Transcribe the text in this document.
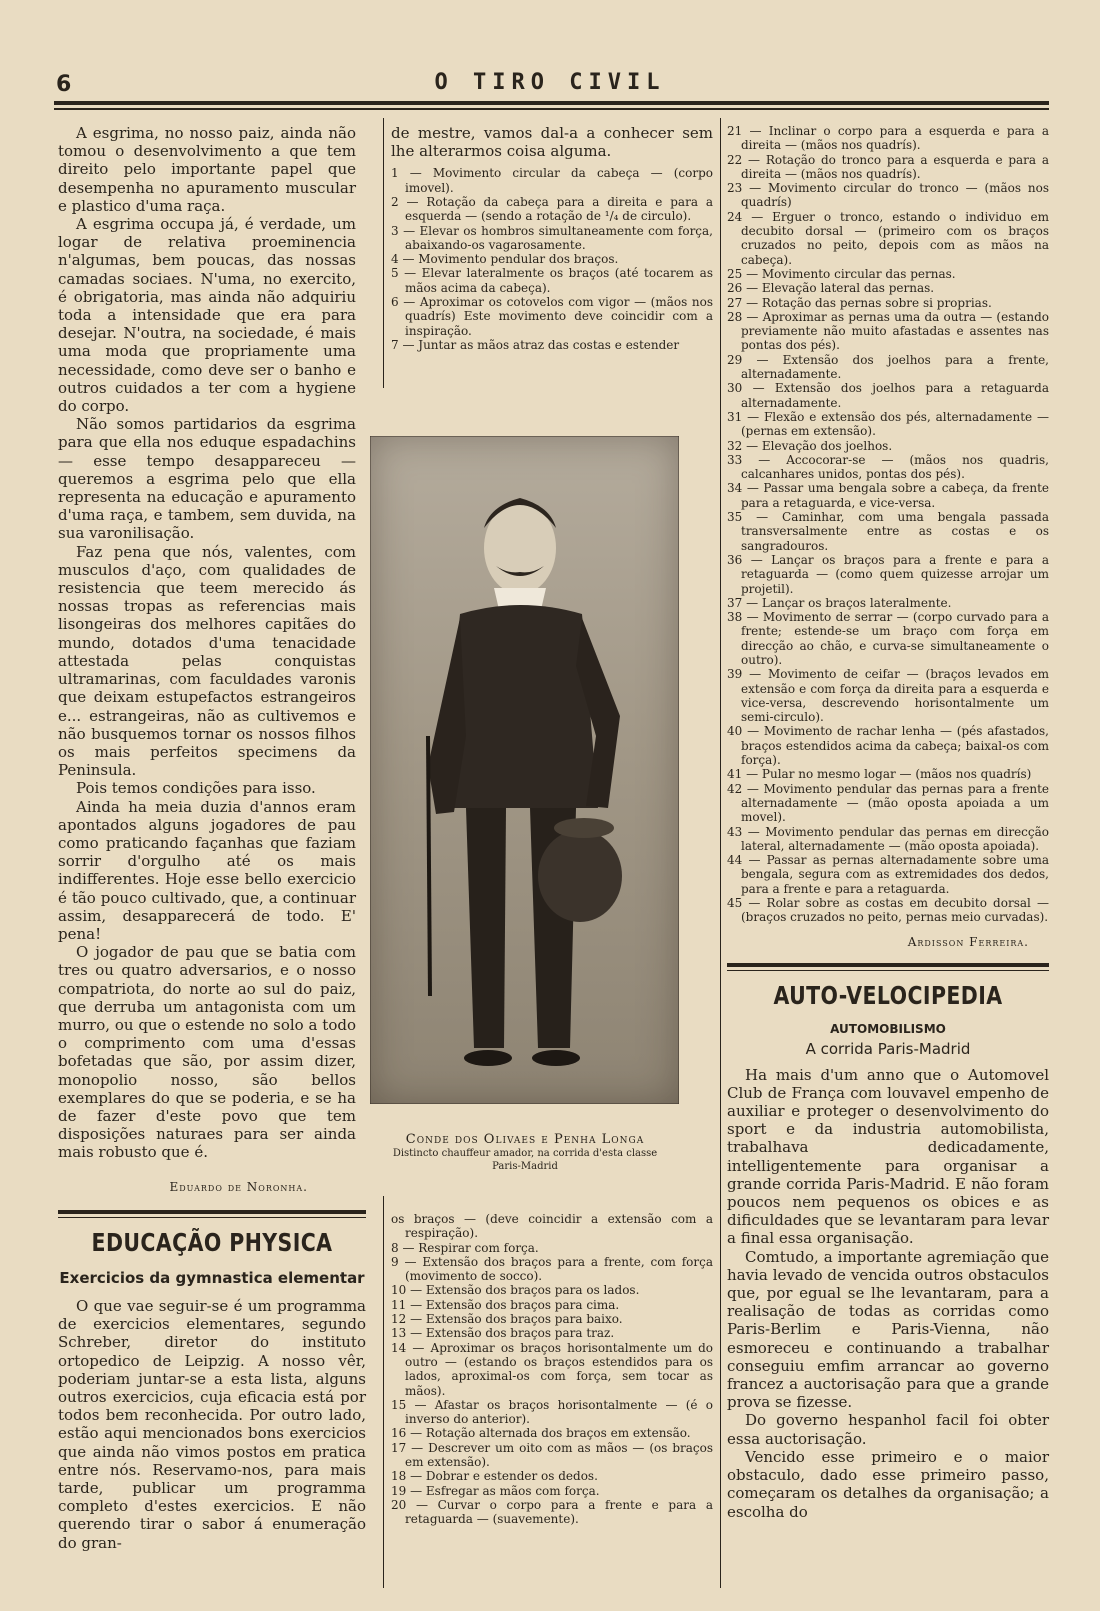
6	O TIRO CIVIL

A esgrima, no nosso paiz, ainda não tomou o desenvolvimento a que tem direito pelo importante papel que desempenha no apuramento muscular e plastico d'uma raça.

A esgrima occupa já, é verdade, um logar de relativa proeminencia n'algumas, bem poucas, das nossas camadas sociaes. N'uma, no exercito, é obrigatoria, mas ainda não adquiriu toda a intensidade que era para desejar. N'outra, na sociedade, é mais uma moda que propriamente uma necessidade, como deve ser o banho e outros cuidados a ter com a hygiene do corpo.

Não somos partidarios da esgrima para que ella nos eduque espadachins — esse tempo desappareceu — queremos a esgrima pelo que ella representa na educação e apuramento d'uma raça, e tambem, sem duvida, na sua varonilisação.

Faz pena que nós, valentes, com musculos d'aço, com qualidades de resistencia que teem merecido ás nossas tropas as referencias mais lisongeiras dos melhores capitães do mundo, dotados d'uma tenacidade attestada pelas conquistas ultramarinas, com faculdades varonis que deixam estupefactos estrangeiros e... estrangeiras, não as cultivemos e não busquemos tornar os nossos filhos os mais perfeitos specimens da Peninsula.

Pois temos condições para isso.

Ainda ha meia duzia d'annos eram apontados alguns jogadores de pau como praticando façanhas que faziam sorrir d'orgulho até os mais indifferentes. Hoje esse bello exercicio é tão pouco cultivado, que, a continuar assim, desapparecerá de todo. E' pena!

O jogador de pau que se batia com tres ou quatro adversarios, e o nosso compatriota, do norte ao sul do paiz, que derruba um antagonista com um murro, ou que o estende no solo a todo o comprimento com uma d'essas bofetadas que são, por assim dizer, monopolio nosso, são bellos exemplares do que se poderia, e se ha de fazer d'este povo que tem disposições naturaes para ser ainda mais robusto que é.

Eduardo de Noronha.
EDUCAÇÃO PHYSICA
Exercicios da gymnastica elementar

O que vae seguir-se é um programma de exercicios elementares, segundo Schreber, diretor do instituto ortopedico de Leipzig. A nosso vêr, poderiam juntar-se a esta lista, alguns outros exercicios, cuja eficacia está por todos bem reconhecida. Por outro lado, estão aqui mencionados bons exercicios que ainda não vimos postos em pratica entre nós. Reservamo-nos, para mais tarde, publicar um programma completo d'estes exercicios. E não querendo tirar o sabor á enumeração do gran-

de mestre, vamos dal-a a conhecer sem lhe alterarmos coisa alguma.

1 — Movimento circular da cabeça — (corpo imovel).
2 — Rotação da cabeça para a direita e para a esquerda — (sendo a rotação de ¹/₄ de circulo).
3 — Elevar os hombros simultaneamente com força, abaixando-os vagarosamente.
4 — Movimento pendular dos braços.
5 — Elevar lateralmente os braços (até tocarem as mãos acima da cabeça).
6 — Aproximar os cotovelos com vigor — (mãos nos quadrís) Este movimento deve coincidir com a inspiração.
7 — Juntar as mãos atraz das costas e estender
Conde dos Olivaes e Penha Longa
Distincto chauffeur amador, na corrida d'esta classe
Paris-Madrid
os braços — (deve coincidir a extensão com a respiração).
8 — Respirar com força.
9 — Extensão dos braços para a frente, com força (movimento de socco).
10 — Extensão dos braços para os lados.
11 — Extensão dos braços para cima.
12 — Extensão dos braços para baixo.
13 — Extensão dos braços para traz.
14 — Aproximar os braços horisontalmente um do outro — (estando os braços estendidos para os lados, aproximal-os com força, sem tocar as mãos).
15 — Afastar os braços horisontalmente — (é o inverso do anterior).
16 — Rotação alternada dos braços em extensão.
17 — Descrever um oito com as mãos — (os braços em extensão).
18 — Dobrar e estender os dedos.
19 — Esfregar as mãos com força.
20 — Curvar o corpo para a frente e para a retaguarda — (suavemente).
21 — Inclinar o corpo para a esquerda e para a direita — (mãos nos quadrís).
22 — Rotação do tronco para a esquerda e para a direita — (mãos nos quadrís).
23 — Movimento circular do tronco — (mãos nos quadrís)
24 — Erguer o tronco, estando o individuo em decubito dorsal — (primeiro com os braços cruzados no peito, depois com as mãos na cabeça).
25 — Movimento circular das pernas.
26 — Elevação lateral das pernas.
27 — Rotação das pernas sobre si proprias.
28 — Aproximar as pernas uma da outra — (estando previamente não muito afastadas e assentes nas pontas dos pés).
29 — Extensão dos joelhos para a frente, alternadamente.
30 — Extensão dos joelhos para a retaguarda alternadamente.
31 — Flexão e extensão dos pés, alternadamente — (pernas em extensão).
32 — Elevação dos joelhos.
33 — Accocorar-se — (mãos nos quadris, calcanhares unidos, pontas dos pés).
34 — Passar uma bengala sobre a cabeça, da frente para a retaguarda, e vice-versa.
35 — Caminhar, com uma bengala passada transversalmente entre as costas e os sangradouros.
36 — Lançar os braços para a frente e para a retaguarda — (como quem quizesse arrojar um projetil).
37 — Lançar os braços lateralmente.
38 — Movimento de serrar — (corpo curvado para a frente; estende-se um braço com força em direcção ao chão, e curva-se simultaneamente o outro).
39 — Movimento de ceifar — (braços levados em extensão e com força da direita para a esquerda e vice-versa, descrevendo horisontalmente um semi-circulo).
40 — Movimento de rachar lenha — (pés afastados, braços estendidos acima da cabeça; baixal-os com força).
41 — Pular no mesmo logar — (mãos nos quadrís)
42 — Movimento pendular das pernas para a frente alternadamente — (mão oposta apoiada a um movel).
43 — Movimento pendular das pernas em direcção lateral, alternadamente — (mão oposta apoiada).
44 — Passar as pernas alternadamente sobre uma bengala, segura com as extremidades dos dedos, para a frente e para a retaguarda.
45 — Rolar sobre as costas em decubito dorsal — (braços cruzados no peito, pernas meio curvadas).
Ardisson Ferreira.
AUTO-VELOCIPEDIA
AUTOMOBILISMO
A corrida Paris-Madrid

Ha mais d'um anno que o Automovel Club de França com louvavel empenho de auxiliar e proteger o desenvolvimento do sport e da industria automobilista, trabalhava dedicadamente, intelligentemente para organisar a grande corrida Paris-Madrid. E não foram poucos nem pequenos os obices e as dificuldades que se levantaram para levar a final essa organisação.

Comtudo, a importante agremiação que havia levado de vencida outros obstaculos que, por egual se lhe levantaram, para a realisação de todas as corridas como Paris-Berlim e Paris-Vienna, não esmoreceu e continuando a trabalhar conseguiu emfim arrancar ao governo francez a auctorisação para que a grande prova se fizesse.

Do governo hespanhol facil foi obter essa auctorisação.

Vencido esse primeiro e o maior obstaculo, dado esse primeiro passo, começaram os detalhes da organisação; a escolha do
